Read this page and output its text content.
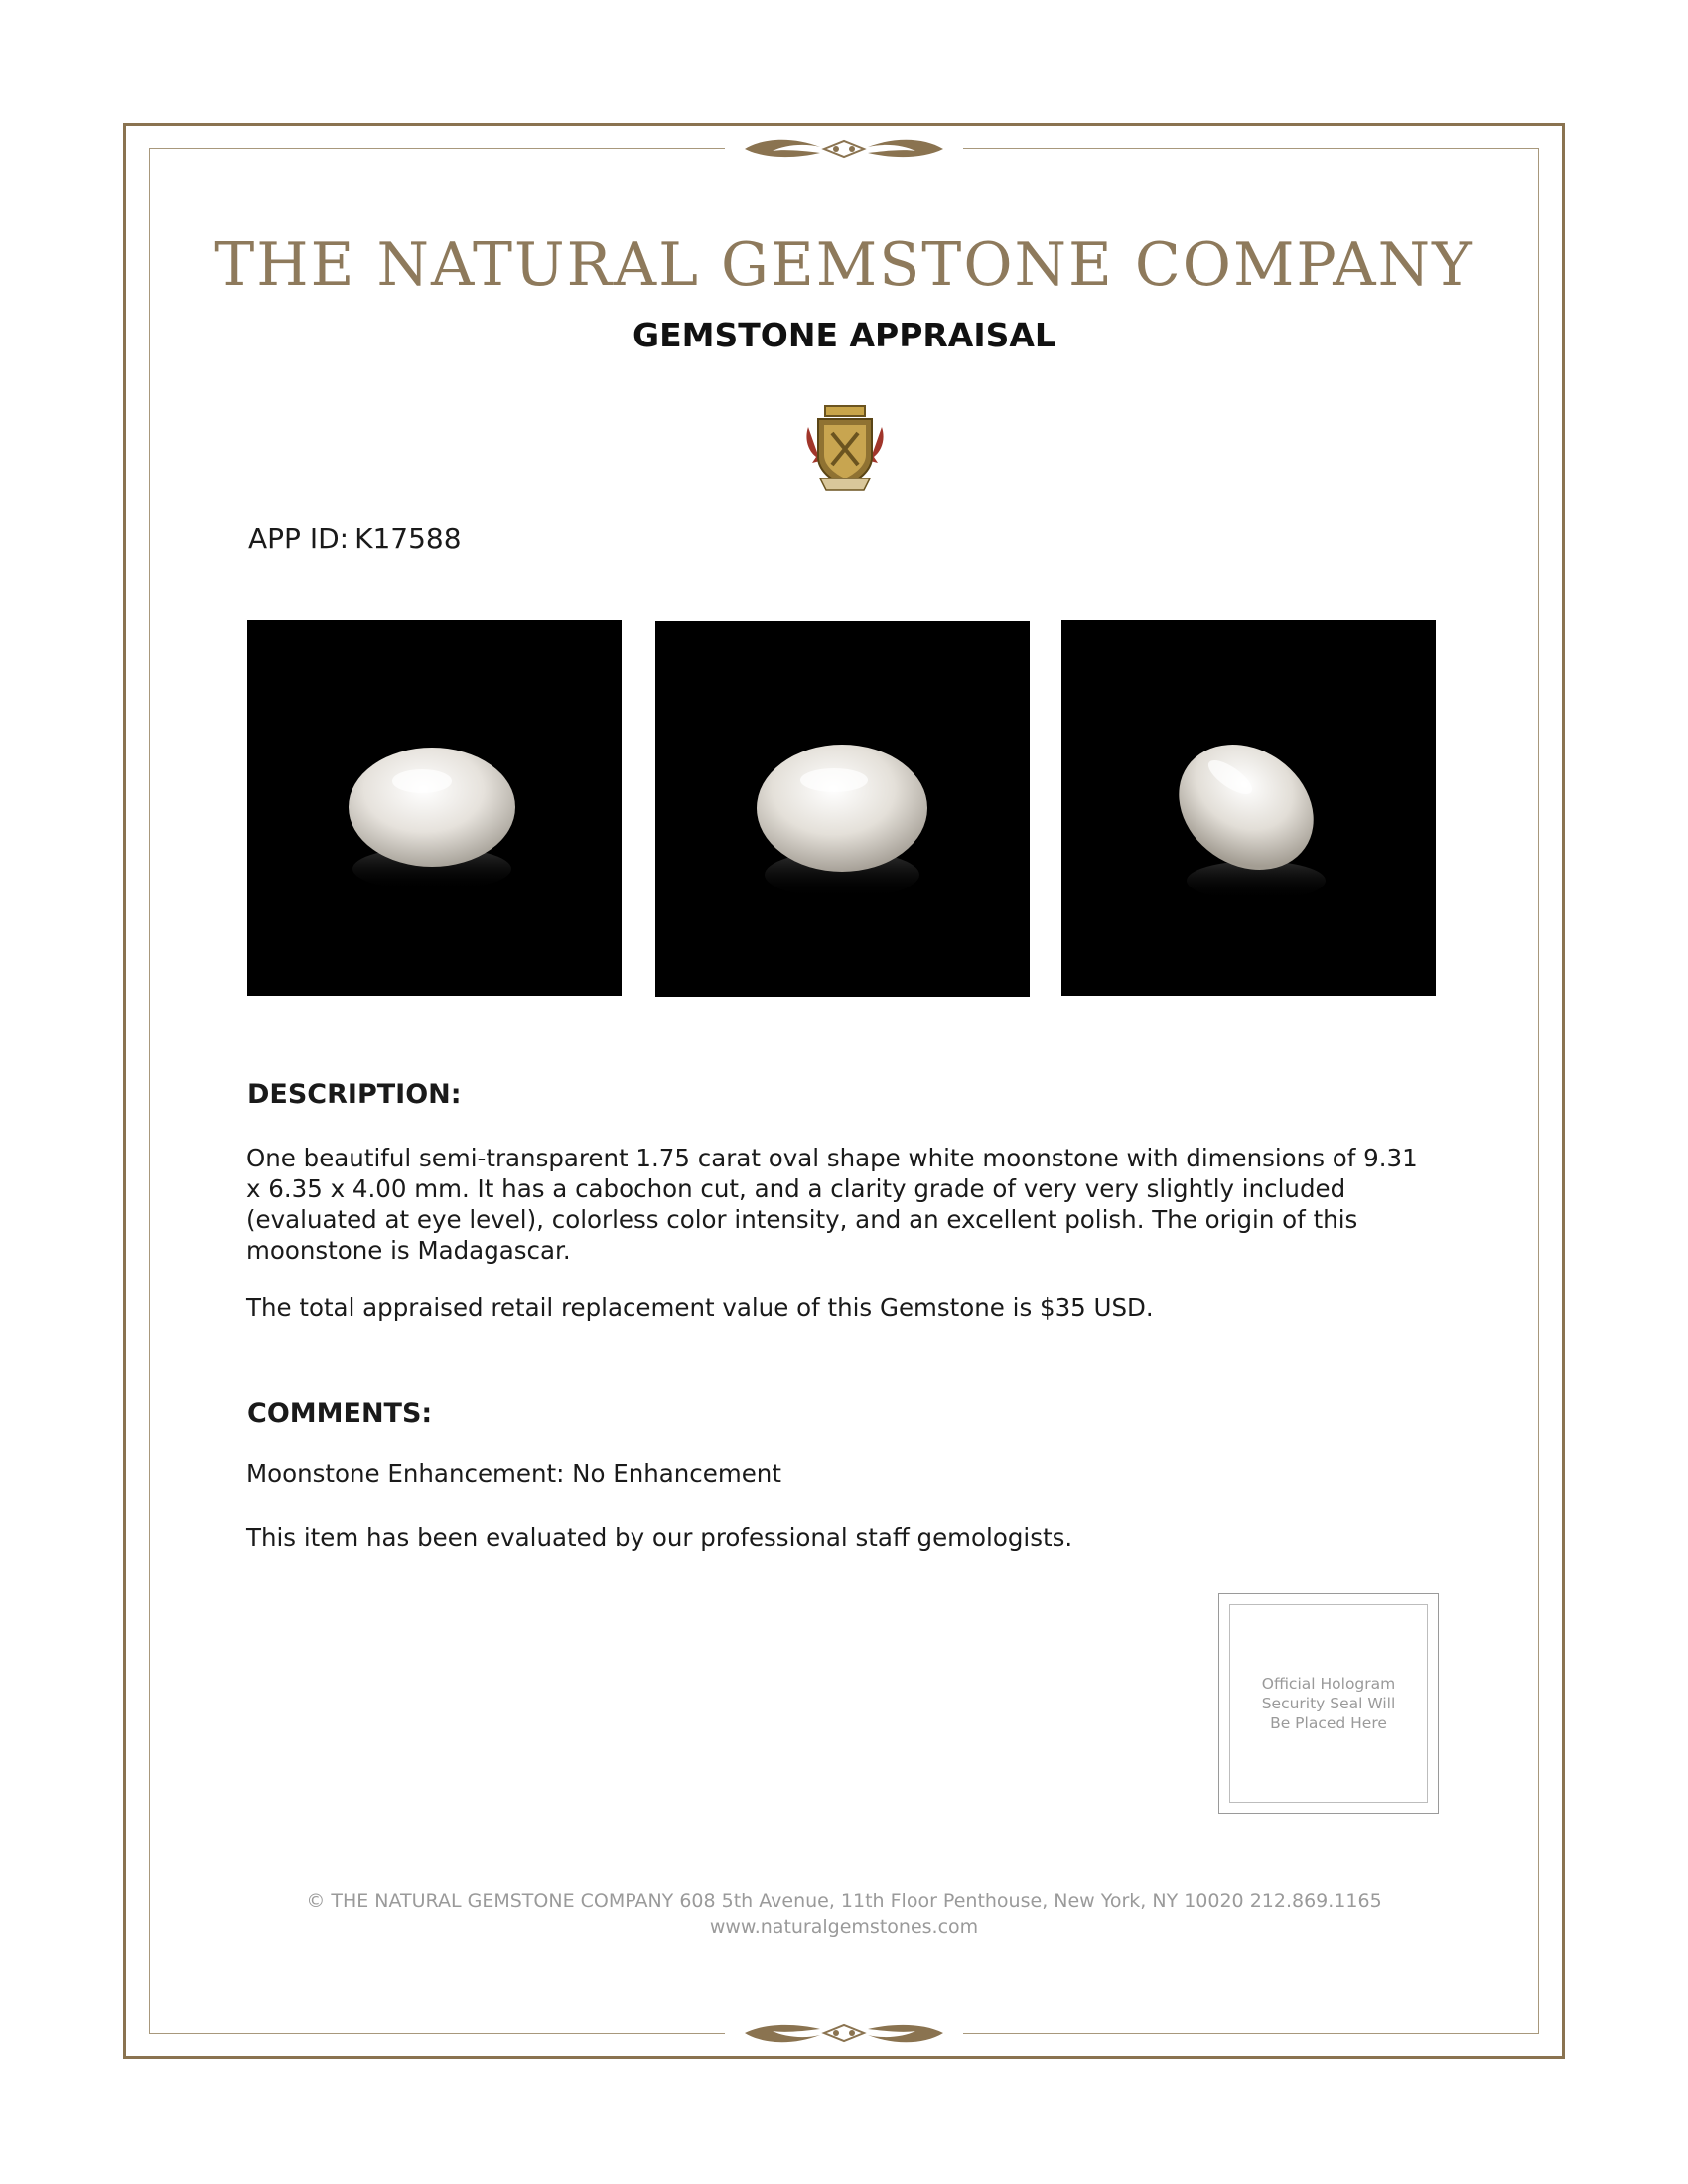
THE NATURAL GEMSTONE COMPANY
GEMSTONE APPRAISAL

APP ID: K17588

DESCRIPTION:

One beautiful semi-transparent 1.75 carat oval shape white moonstone with dimensions of 9.31 x 6.35 x 4.00 mm. It has a cabochon cut, and a clarity grade of very very slightly included (evaluated at eye level), colorless color intensity, and an excellent polish. The origin of this moonstone is Madagascar.

The total appraised retail replacement value of this Gemstone is $35 USD.

COMMENTS:

Moonstone Enhancement: No Enhancement

This item has been evaluated by our professional staff gemologists.

Official Hologram
Security Seal Will
Be Placed Here

© THE NATURAL GEMSTONE COMPANY 608 5th Avenue, 11th Floor Penthouse, New York, NY 10020 212.869.1165

www.naturalgemstones.com
